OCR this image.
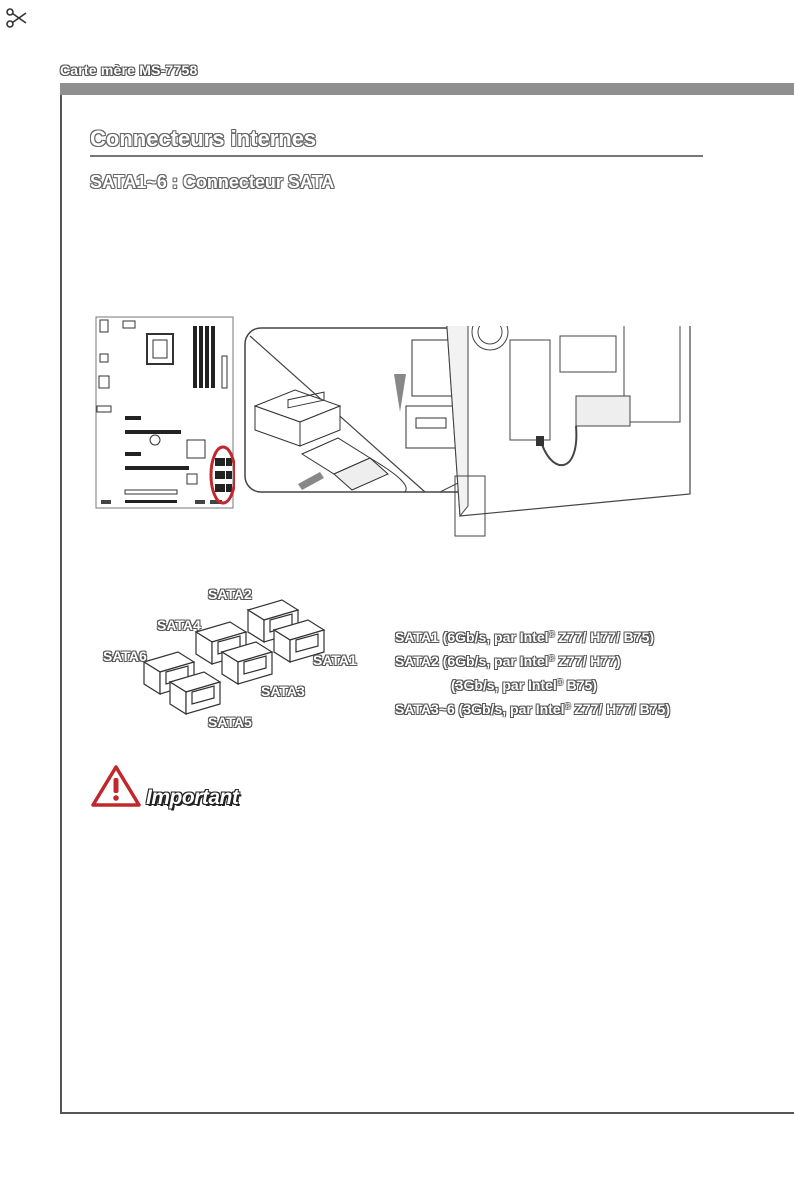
Carte mère MS-7758
Connecteurs internes
SATA1~6 : Connecteur SATA
SATA2
SATA4
SATA6	SATA1
SATA3
SATA5
SATA1 (6Gb/s, par Intel® Z77/ H77/ B75)
SATA2 (6Gb/s, par Intel® Z77/ H77)
(3Gb/s, par Intel® B75)
SATA3~6 (3Gb/s, par Intel® Z77/ H77/ B75)
Important
